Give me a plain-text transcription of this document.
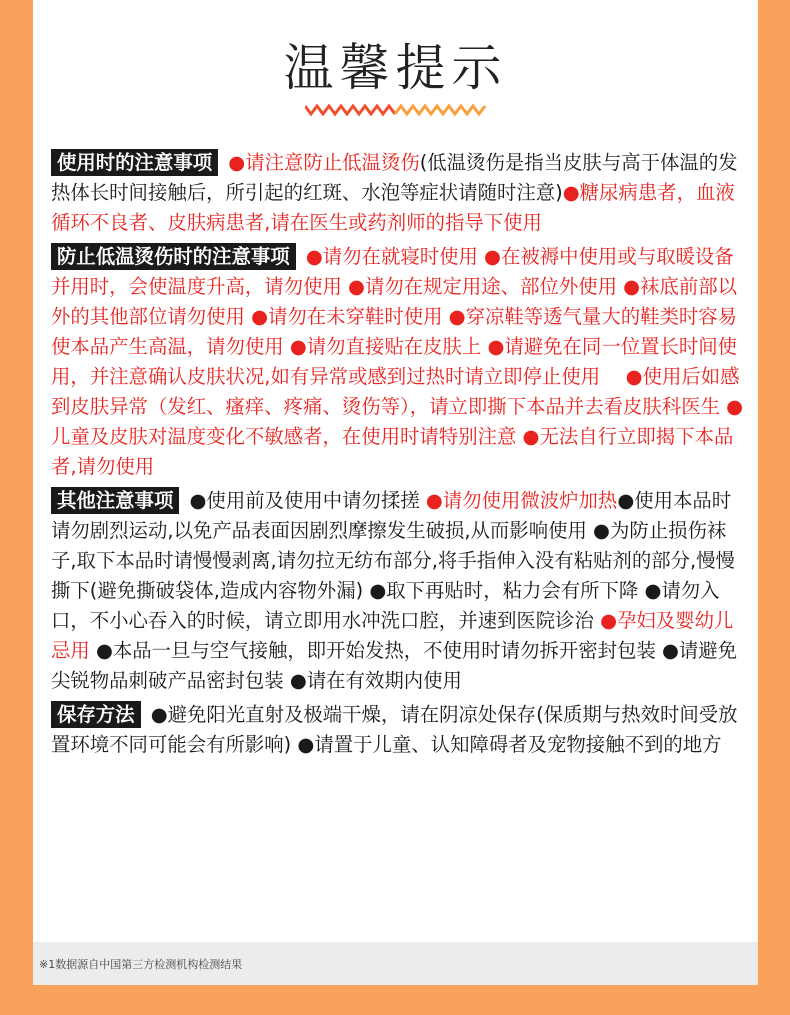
温馨提示

使用时的注意事项 ●请注意防止低温烫伤(低温烫伤是指当皮肤与高于体温的发热体长时间接触后，所引起的红斑、水泡等症状请随时注意)●糖尿病患者，血液循环不良者、皮肤病患者,请在医生或药剂师的指导下使用

防止低温烫伤时的注意事项 ●请勿在就寝时使用 ●在被褥中使用或与取暖设备并用时，会使温度升高，请勿使用 ●请勿在规定用途、部位外使用 ●袜底前部以外的其他部位请勿使用 ●请勿在未穿鞋时使用 ●穿凉鞋等透气量大的鞋类时容易使本品产生高温，请勿使用 ●请勿直接贴在皮肤上 ●请避免在同一位置长时间使用，并注意确认皮肤状况,如有异常或感到过热时请立即停止使用　 ●使用后如感到皮肤异常（发红、瘙痒、疼痛、烫伤等），请立即撕下本品并去看皮肤科医生 ●儿童及皮肤对温度变化不敏感者，在使用时请特别注意 ●无法自行立即揭下本品者,请勿使用

其他注意事项 ●使用前及使用中请勿揉搓 ●请勿使用微波炉加热●使用本品时请勿剧烈运动,以免产品表面因剧烈摩擦发生破损,从而影响使用 ●为防止损伤袜子,取下本品时请慢慢剥离,请勿拉无纺布部分,将手指伸入没有粘贴剂的部分,慢慢撕下(避免撕破袋体,造成内容物外漏) ●取下再贴时，粘力会有所下降 ●请勿入口，不小心吞入的时候，请立即用水冲洗口腔，并速到医院诊治 ●孕妇及婴幼儿忌用 ●本品一旦与空气接触，即开始发热，不使用时请勿拆开密封包装 ●请避免尖锐物品刺破产品密封包装 ●请在有效期内使用

保存方法 ●避免阳光直射及极端干燥，请在阴凉处保存(保质期与热效时间受放置环境不同可能会有所影响) ●请置于儿童、认知障碍者及宠物接触不到的地方

※1数据源自中国第三方检测机构检测结果
